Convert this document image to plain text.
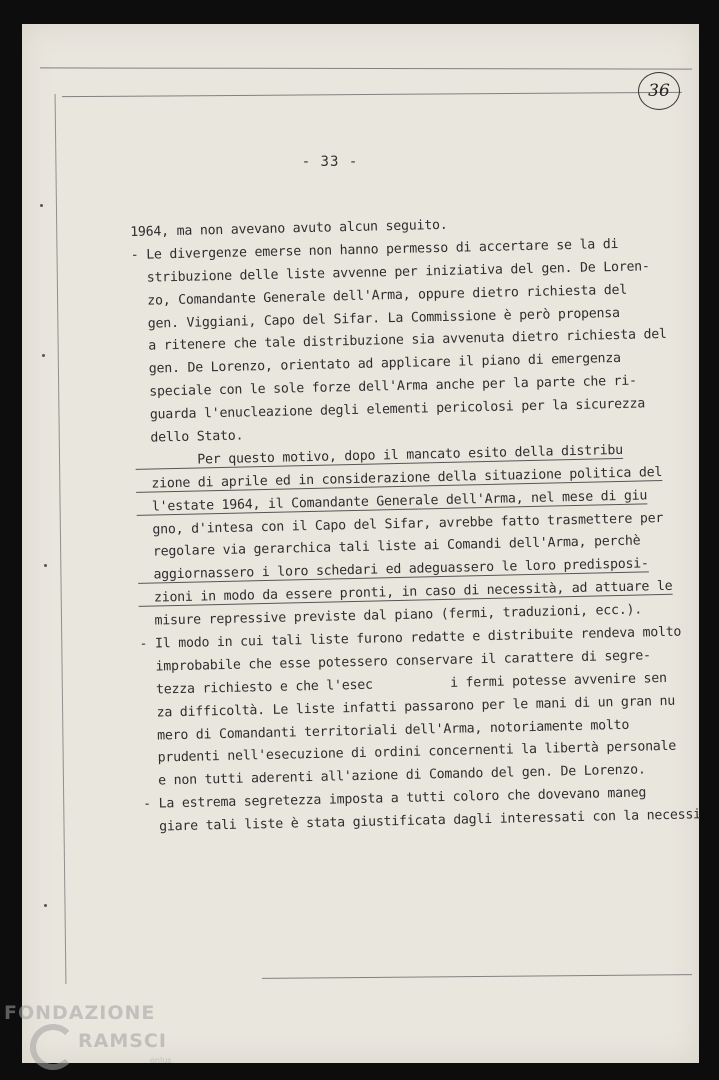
36
- 33 -
1964, ma non avevano avuto alcun seguito.
- Le divergenze emerse non hanno permesso di accertare se la di
stribuzione delle liste avvenne per iniziativa del gen. De Loren-
zo, Comandante Generale dell'Arma, oppure dietro richiesta del
gen. Viggiani, Capo del Sifar. La Commissione è però propensa
a ritenere che tale distribuzione sia avvenuta dietro richiesta del
gen. De Lorenzo, orientato ad applicare il piano di emergenza
speciale con le sole forze dell'Arma anche per la parte che ri-
guarda l'enucleazione degli elementi pericolosi per la sicurezza
dello Stato.
Per questo motivo, dopo il mancato esito della distribu
zione di aprile ed in considerazione della situazione politica del
l'estate 1964, il Comandante Generale dell'Arma, nel mese di giu
gno, d'intesa con il Capo del Sifar, avrebbe fatto trasmettere per
regolare via gerarchica tali liste ai Comandi dell'Arma, perchè
aggiornassero i loro schedari ed adeguassero le loro predisposi-
zioni in modo da essere pronti, in caso di necessità, ad attuare le
misure repressive previste dal piano (fermi, traduzioni, ecc.).
- Il modo in cui tali liste furono redatte e distribuite rendeva molto
improbabile che esse potessero conservare il carattere di segre-
tezza richiesto e che l'esec          i fermi potesse avvenire sen
za difficoltà. Le liste infatti passarono per le mani di un gran nu
mero di Comandanti territoriali dell'Arma, notoriamente molto
prudenti nell'esecuzione di ordini concernenti la libertà personale
e non tutti aderenti all'azione di Comando del gen. De Lorenzo.
- La estrema segretezza imposta a tutti coloro che dovevano maneg
giare tali liste è stata giustificata dagli interessati con la necessi
FONDAZIONE
RAMSCI
onlus
